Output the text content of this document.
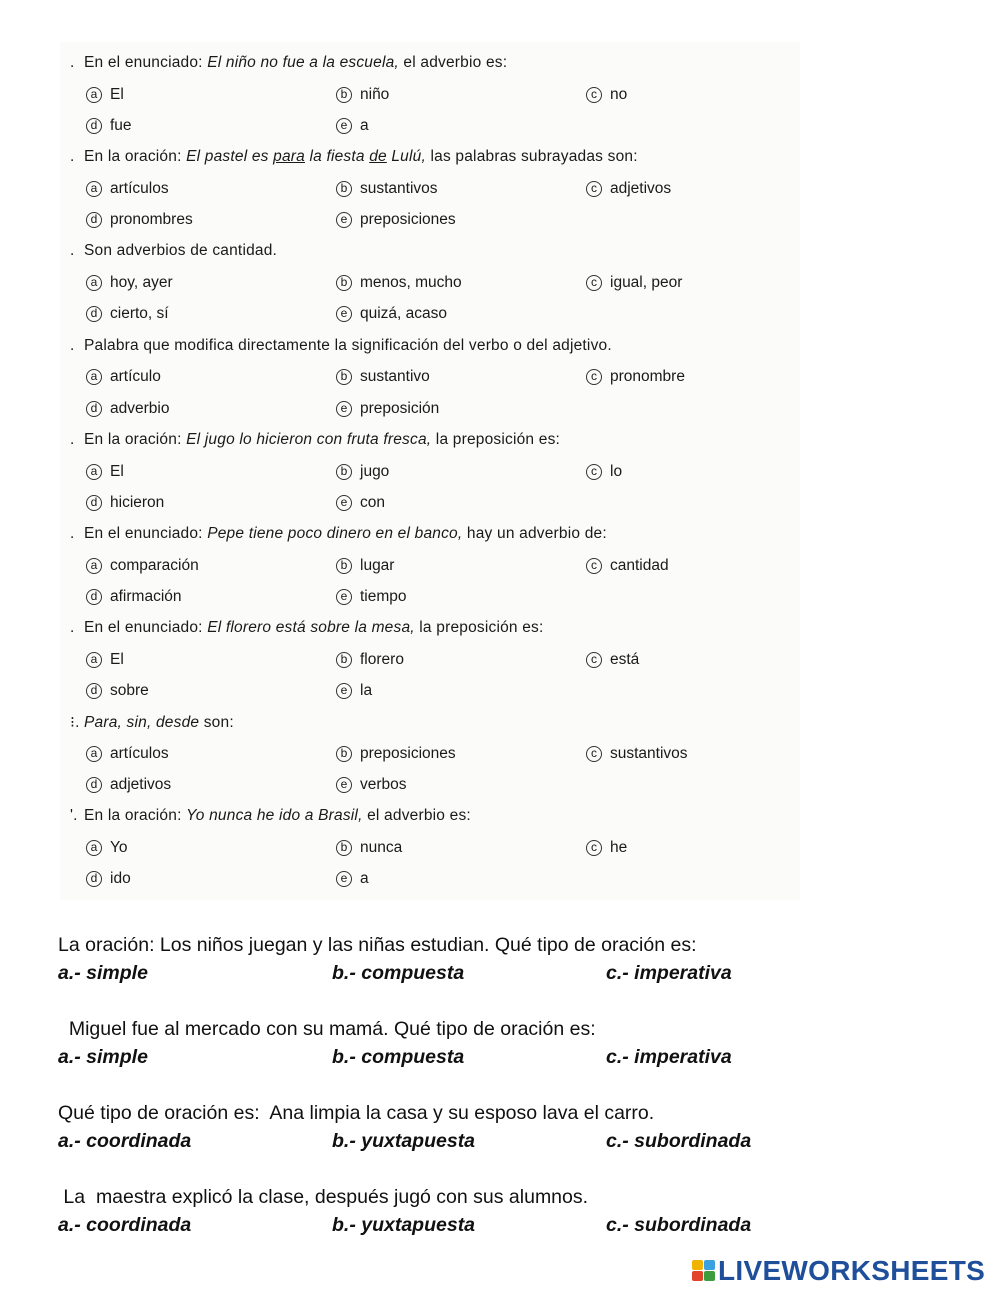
. En el enunciado: El niño no fue a la escuela, el adverbio es:
a El	b niño	c no
d fue	e a
. En la oración: El pastel es para la fiesta de Lulú, las palabras subrayadas son:
a artículos	b sustantivos	c adjetivos
d pronombres	e preposiciones
. Son adverbios de cantidad.
a hoy, ayer	b menos, mucho	c igual, peor
d cierto, sí	e quizá, acaso
. Palabra que modifica directamente la significación del verbo o del adjetivo.
a artículo	b sustantivo	c pronombre
d adverbio	e preposición
. En la oración: El jugo lo hicieron con fruta fresca, la preposición es:
a El	b jugo	c lo
d hicieron	e con
. En el enunciado: Pepe tiene poco dinero en el banco, hay un adverbio de:
a comparación	b lugar	c cantidad
d afirmación	e tiempo
. En el enunciado: El florero está sobre la mesa, la preposición es:
a El	b florero	c está
d sobre	e la
⁝. Para, sin, desde son:
a artículos	b preposiciones	c sustantivos
d adjetivos	e verbos
'. En la oración: Yo nunca he ido a Brasil, el adverbio es:
a Yo	b nunca	c he
d ido	e a
La oración: Los niños juegan y las niñas estudian. Qué tipo de oración es:
a.- simple	b.- compuesta	c.- imperativa
Miguel fue al mercado con su mamá. Qué tipo de oración es:
a.- simple	b.- compuesta	c.- imperativa
Qué tipo de oración es:  Ana limpia la casa y su esposo lava el carro.
a.- coordinada	b.- yuxtapuesta	c.- subordinada
La  maestra explicó la clase, después jugó con sus alumnos.
a.- coordinada	b.- yuxtapuesta	c.- subordinada
LIVEWORKSHEETS
